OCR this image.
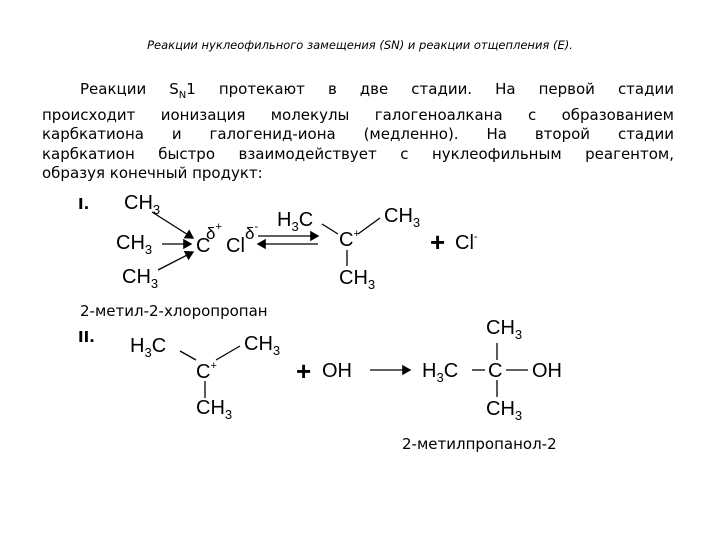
Реакции нуклеофильного замещения (SN) и реакции отщепления (E).
Реакции $S_N1$ протекают в две стадии. На первой стадии
происходит ионизация молекулы галогеноалкана с образованием
карбкатиона и галогенид-иона (медленно). На второй стадии
карбкатион быстро взаимодействует с нуклеофильным реагентом,
образуя конечный продукт:
I. $CH_3$
$CH_3$
$CH_3$
δ+ δ-
C Cl
$H_3C$	$CH_3$
C+
$CH_3$
+ Cl-
2-метил-2-хлоропропан
II. $H_3C$	$CH_3$
C+
$CH_3$
+ OH	$H_3C$ C OH
$CH_3$
$CH_3$
2-метилпропанол-2
